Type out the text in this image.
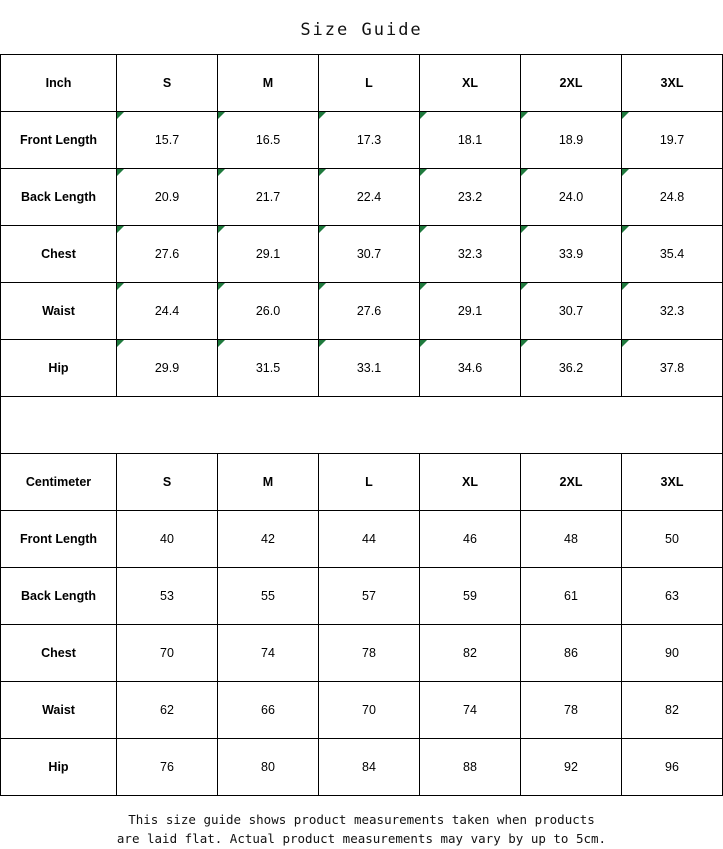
Size Guide
Inch	S	M	L	XL	2XL	3XL
Front Length	15.7	16.5	17.3	18.1	18.9	19.7
Back Length	20.9	21.7	22.4	23.2	24.0	24.8
Chest	27.6	29.1	30.7	32.3	33.9	35.4
Waist	24.4	26.0	27.6	29.1	30.7	32.3
Hip	29.9	31.5	33.1	34.6	36.2	37.8
Centimeter	S	M	L	XL	2XL	3XL
Front Length	40	42	44	46	48	50
Back Length	53	55	57	59	61	63
Chest	70	74	78	82	86	90
Waist	62	66	70	74	78	82
Hip	76	80	84	88	92	96
This size guide shows product measurements taken when products
are laid flat. Actual product measurements may vary by up to 5cm.
